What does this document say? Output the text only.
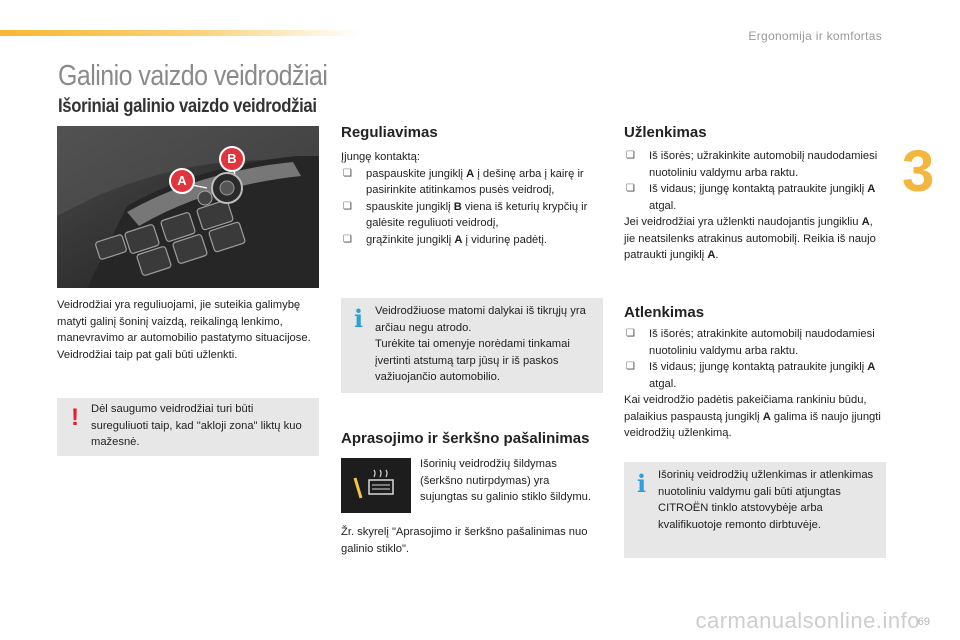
Ergonomija ir komfortas
3
Galinio vaizdo veidrodžiai
Išoriniai galinio vaizdo veidrodžiai
A
B
Veidrodžiai yra reguliuojami, jie suteikia galimybę matyti galinį šoninį vaizdą, reikalingą lenkimo, manevravimo ar automobilio pastatymo situacijose. Veidrodžiai taip pat gali būti užlenkti.
! Dėl saugumo veidrodžiai turi būti sureguliuoti taip, kad "akloji zona" liktų kuo mažesnė.
Reguliavimas
Įjungę kontaktą:
❏ paspauskite jungiklį A į dešinę arba į kairę ir pasirinkite atitinkamos pusės veidrodį,
❏ spauskite jungiklį B viena iš keturių krypčių ir galėsite reguliuoti veidrodį,
❏ grąžinkite jungiklį A į vidurinę padėtį.
i Veidrodžiuose matomi dalykai iš tikrųjų yra arčiau negu atrodo.
Turėkite tai omenyje norėdami tinkamai įvertinti atstumą tarp jūsų ir iš paskos važiuojančio automobilio.
Aprasojimo ir šerkšno pašalinimas
Išorinių veidrodžių šildymas (šerkšno nutirpdymas) yra sujungtas su galinio stiklo šildymu.
Žr. skyrelį "Aprasojimo ir šerkšno pašalinimas nuo galinio stiklo".
Užlenkimas
❏ Iš išorės; užrakinkite automobilį naudodamiesi nuotoliniu valdymu arba raktu.
❏ Iš vidaus; įjungę kontaktą patraukite jungiklį A atgal.
Jei veidrodžiai yra užlenkti naudojantis jungikliu A, jie neatsilenks atrakinus automobilį. Reikia iš naujo patraukti jungiklį A.
Atlenkimas
❏ Iš išorės; atrakinkite automobilį naudodamiesi nuotoliniu valdymu arba raktu.
❏ Iš vidaus; įjungę kontaktą patraukite jungiklį A atgal.
Kai veidrodžio padėtis pakeičiama rankiniu būdu, palaikius paspaustą jungiklį A galima iš naujo įjungti veidrodžių užlenkimą.
i Išorinių veidrodžių užlenkimas ir atlenkimas nuotoliniu valdymu gali būti atjungtas CITROËN tinklo atstovybėje arba kvalifikuotoje remonto dirbtuvėje.
carmanualsonline.info
69
